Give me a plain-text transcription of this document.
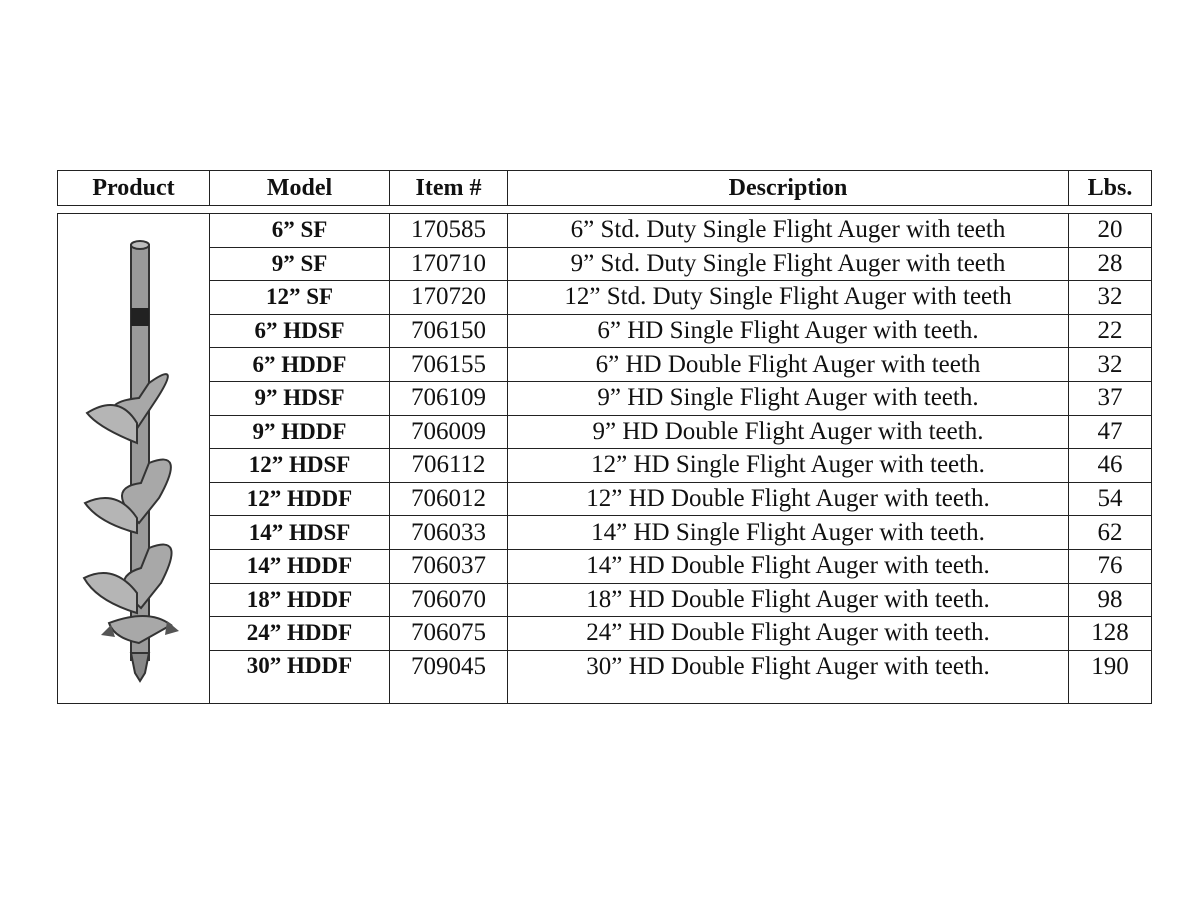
Product	Model	Item #	Description	Lbs.
	6” SF	170585	6” Std. Duty Single Flight Auger with teeth	20
	9” SF	170710	9” Std. Duty Single Flight Auger with teeth	28
	12” SF	170720	12” Std. Duty Single Flight Auger with teeth	32
	6” HDSF	706150	6” HD Single Flight Auger with teeth.	22
	6” HDDF	706155	6” HD Double Flight Auger with teeth	32
	9” HDSF	706109	9” HD Single Flight Auger with teeth.	37
	9” HDDF	706009	9” HD Double Flight Auger with teeth.	47
	12” HDSF	706112	12” HD Single Flight Auger with teeth.	46
	12” HDDF	706012	12” HD Double Flight Auger with teeth.	54
	14” HDSF	706033	14” HD Single Flight Auger with teeth.	62
	14” HDDF	706037	14” HD Double Flight Auger with teeth.	76
	18” HDDF	706070	18” HD Double Flight Auger with teeth.	98
	24” HDDF	706075	24” HD Double Flight Auger with teeth.	128
	30” HDDF	709045	30” HD Double Flight Auger with teeth.	190
